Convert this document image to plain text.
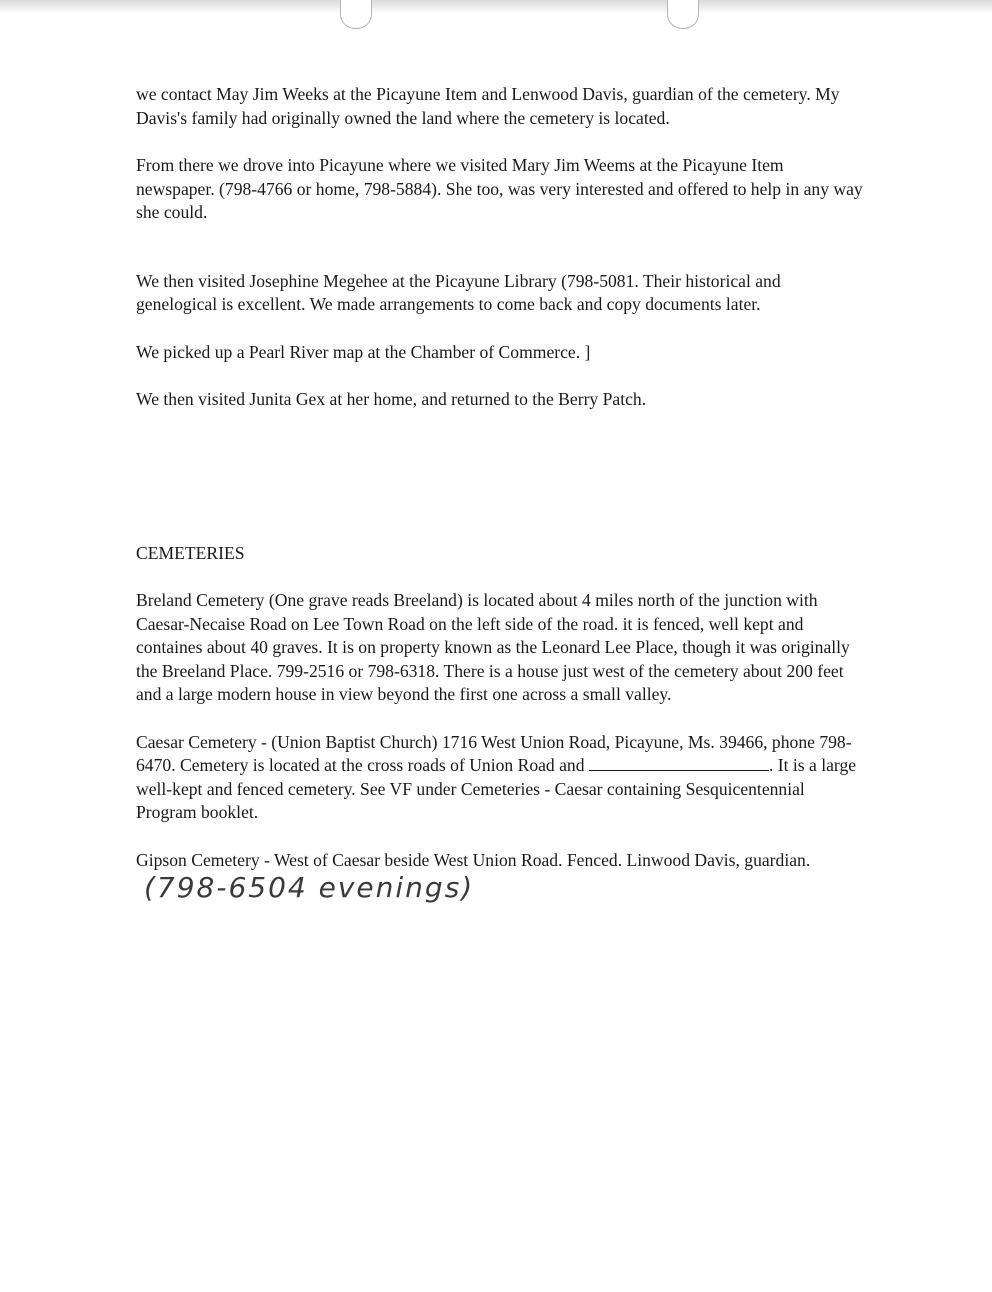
we contact May Jim Weeks at the Picayune Item and Lenwood Davis, guardian of the cemetery. My Davis's family had originally owned the land where the cemetery is located.

From there we drove into Picayune where we visited Mary Jim Weems at the Picayune Item newspaper. (798-4766 or home, 798-5884). She too, was very interested and offered to help in any way she could.

We then visited Josephine Megehee at the Picayune Library (798-5081. Their historical and genelogical is excellent. We made arrangements to come back and copy documents later.

We picked up a Pearl River map at the Chamber of Commerce. ]

We then visited Junita Gex at her home, and returned to the Berry Patch.

CEMETERIES

Breland Cemetery (One grave reads Breeland) is located about 4 miles north of the junction with Caesar-Necaise Road on Lee Town Road on the left side of the road. it is fenced, well kept and containes about 40 graves. It is on property known as the Leonard Lee Place, though it was originally the Breeland Place. 799-2516 or 798-6318. There is a house just west of the cemetery about 200 feet and a large modern house in view beyond the first one across a small valley.

Caesar Cemetery - (Union Baptist Church) 1716 West Union Road, Picayune, Ms. 39466, phone 798-6470. Cemetery is located at the cross roads of Union Road and	. It is a large well-kept and fenced cemetery. See VF under Cemeteries - Caesar containing Sesquicentennial Program booklet.

Gipson Cemetery - West of Caesar beside West Union Road. Fenced. Linwood Davis, guardian.(798-6504 evenings)
